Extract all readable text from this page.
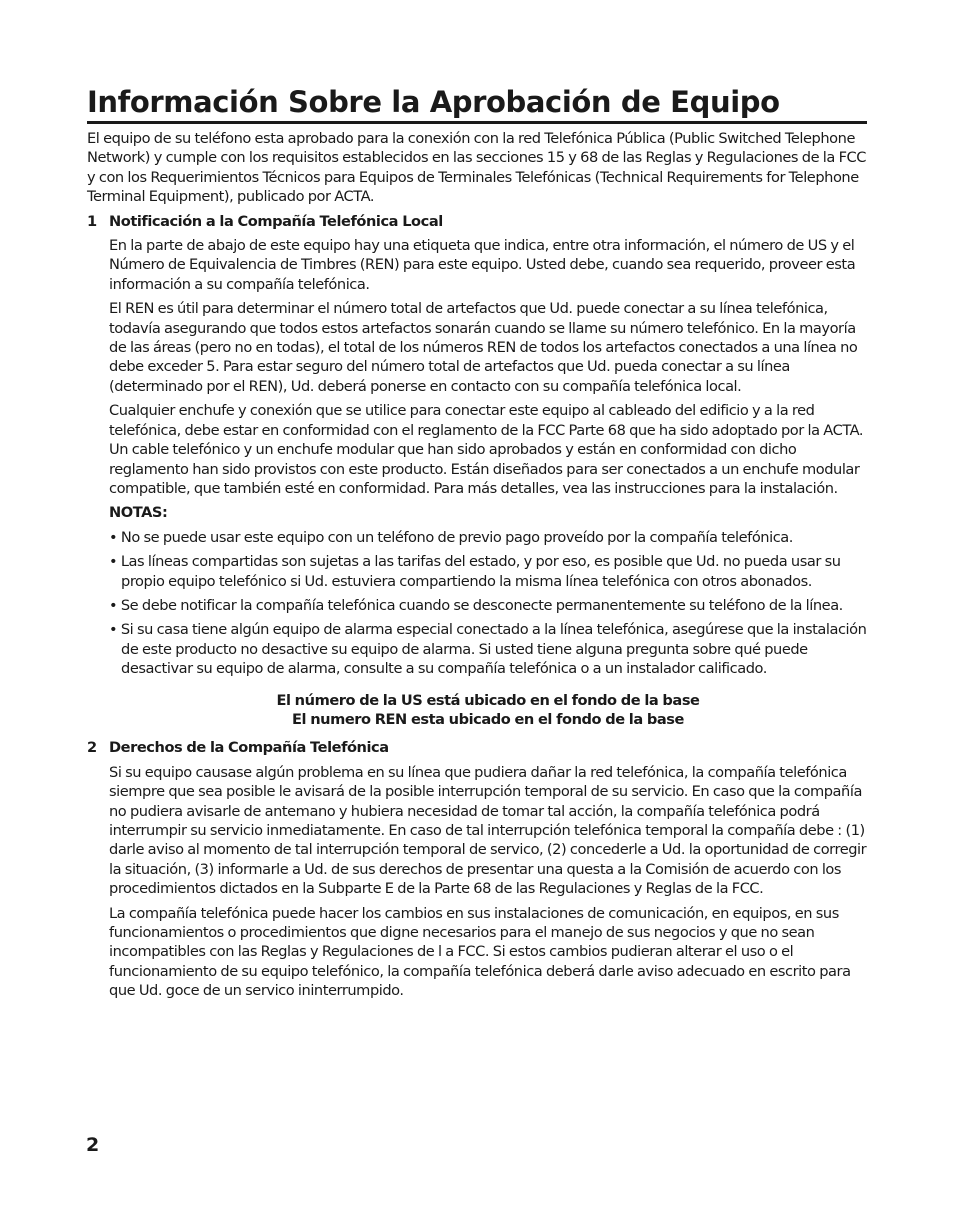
Información Sobre la Aprobación de Equipo

El equipo de su teléfono esta aprobado para la conexión con la red Telefónica Pública (Public Switched Telephone Network) y cumple con los requisitos establecidos en las secciones 15 y 68 de las Reglas y Regulaciones de la FCC y con los Requerimientos Técnicos para Equipos de Terminales Telefónicas (Technical Requirements for Telephone Terminal Equipment), publicado por ACTA.

1 Notificación a la Compañía Telefónica Local

En la parte de abajo de este equipo hay una etiqueta que indica, entre otra información, el número de US y el Número de Equivalencia de Timbres (REN) para este equipo. Usted debe, cuando sea requerido, proveer esta información a su compañía telefónica.

El REN es útil para determinar el número total de artefactos que Ud. puede conectar a su línea telefónica, todavía asegurando que todos estos artefactos sonarán cuando se llame su número telefónico. En la mayoría de las áreas (pero no en todas), el total de los números REN de todos los artefactos conectados a una línea no debe exceder 5. Para estar seguro del número total de artefactos que Ud. pueda conectar a su línea (determinado por el REN), Ud. deberá ponerse en contacto con su compañía telefónica local.

Cualquier enchufe y conexión que se utilice para conectar este equipo al cableado del edificio y a la red telefónica, debe estar en conformidad con el reglamento de la FCC Parte 68 que ha sido adoptado por la ACTA. Un cable telefónico y un enchufe modular que han sido aprobados y están en conformidad con dicho reglamento han sido provistos con este producto. Están diseñados para ser conectados a un enchufe modular compatible, que también esté en conformidad. Para más detalles, vea las instrucciones para la instalación.

NOTAS:

• No se puede usar este equipo con un teléfono de previo pago proveído por la compañía telefónica.

• Las líneas compartidas son sujetas a las tarifas del estado, y por eso, es posible que Ud. no pueda usar su propio equipo telefónico si Ud. estuviera compartiendo la misma línea telefónica con otros abonados.

• Se debe notificar la compañía telefónica cuando se desconecte permanentemente su teléfono de la línea.

• Si su casa tiene algún equipo de alarma especial conectado a la línea telefónica, asegúrese que la instalación de este producto no desactive su equipo de alarma. Si usted tiene alguna pregunta sobre qué puede desactivar su equipo de alarma, consulte a su compañía telefónica o a un instalador calificado.

El número de la US está ubicado en el fondo de la base

El numero REN esta ubicado en el fondo de la base

2 Derechos de la Compañía Telefónica

Si su equipo causase algún problema en su línea que pudiera dañar la red telefónica, la compañía telefónica siempre que sea posible le avisará de la posible interrupción temporal de su servicio. En caso que la compañía no pudiera avisarle de antemano y hubiera necesidad de tomar tal acción, la compañía telefónica podrá interrumpir su servicio inmediatamente. En caso de tal interrupción telefónica temporal la compañía debe : (1) darle aviso al momento de tal interrupción temporal de servico, (2) concederle a Ud. la oportunidad de corregir la situación, (3) informarle a Ud. de sus derechos de presentar una questa a la Comisión de acuerdo con los procedimientos dictados en la Subparte E de la Parte 68 de las Regulaciones y Reglas de la FCC.

La compañía telefónica puede hacer los cambios en sus instalaciones de comunicación, en equipos, en sus funcionamientos o procedimientos que digne necesarios para el manejo de sus negocios y que no sean incompatibles con las Reglas y Regulaciones de l a FCC. Si estos cambios pudieran alterar el uso o el funcionamiento de su equipo telefónico, la compañía telefónica deberá darle aviso adecuado en escrito para que Ud. goce de un servico ininterrumpido.

2
